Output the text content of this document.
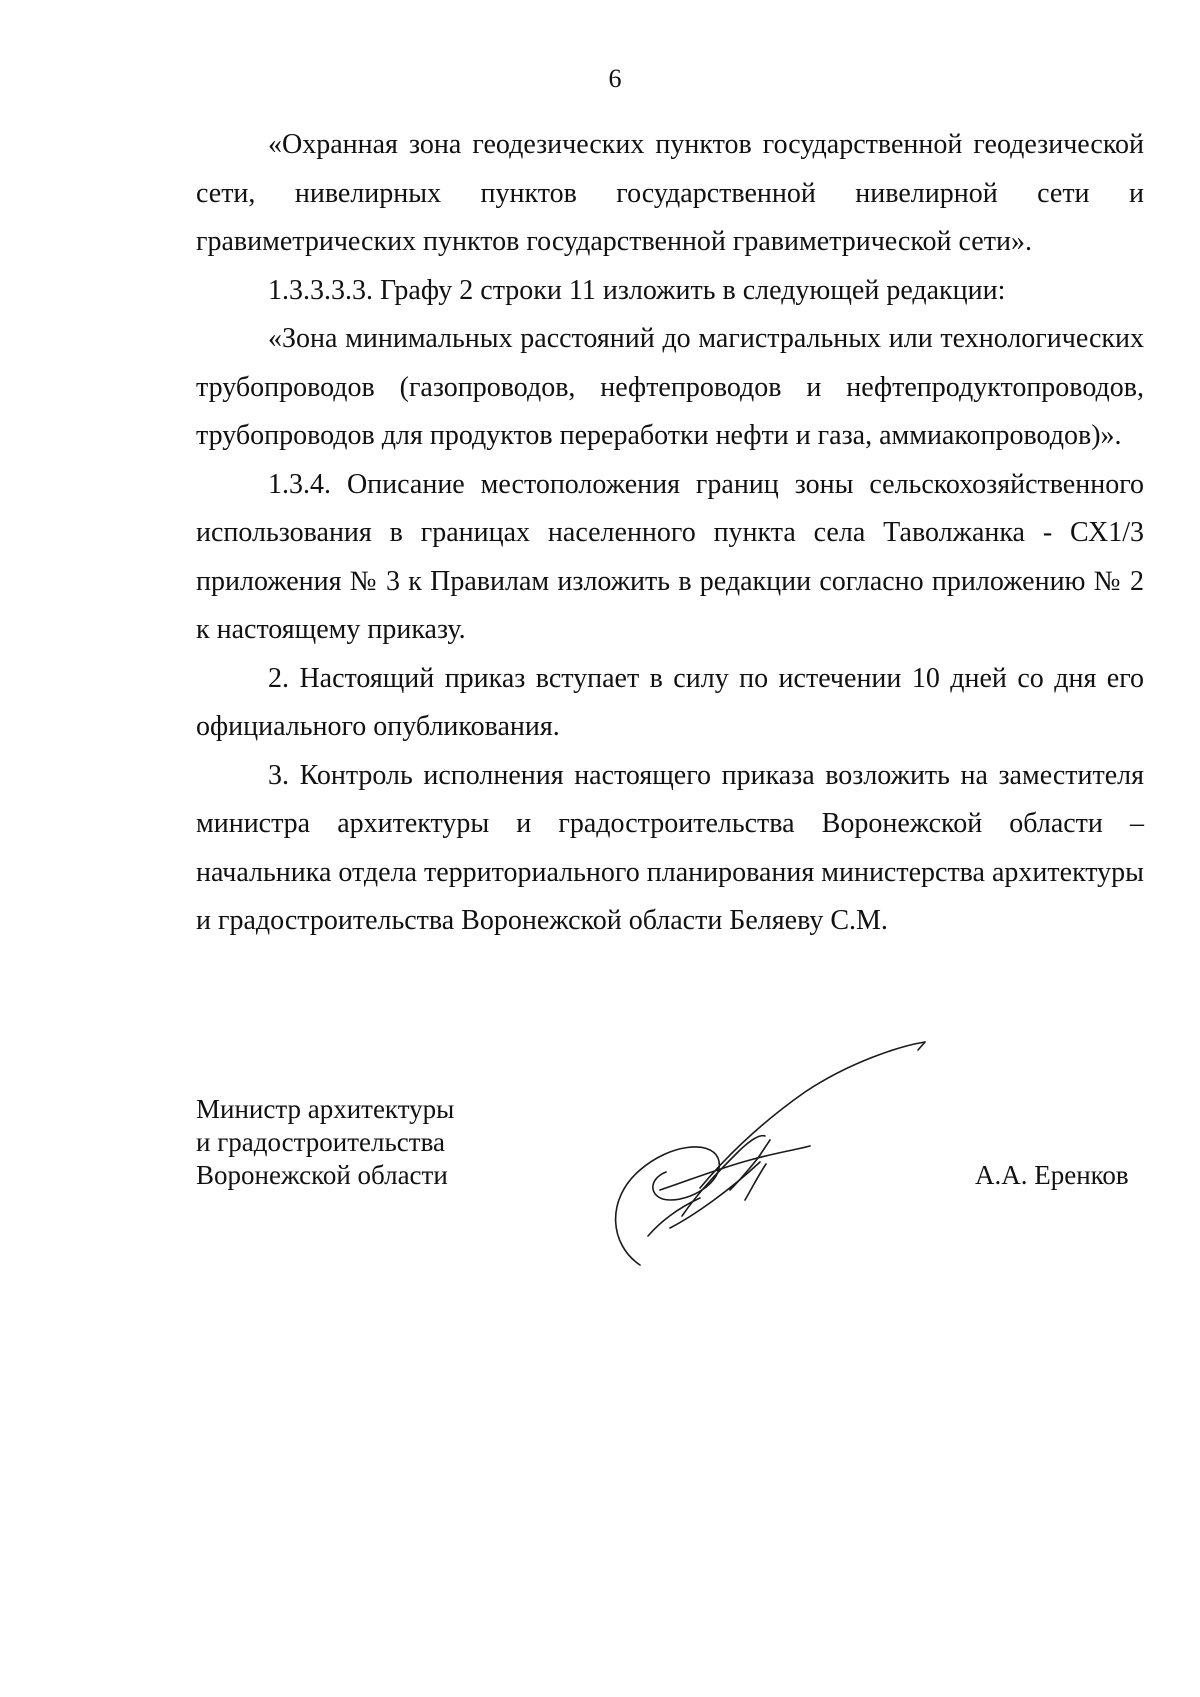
6

«Охранная зона геодезических пунктов государственной геодезической сети, нивелирных пунктов государственной нивелирной сети и гравиметрических пунктов государственной гравиметрической сети».

1.3.3.3.3. Графу 2 строки 11 изложить в следующей редакции:

«Зона минимальных расстояний до магистральных или технологических трубопроводов (газопроводов, нефтепроводов и нефтепродуктопроводов, трубопроводов для продуктов переработки нефти и газа, аммиакопроводов)».

1.3.4. Описание местоположения границ зоны сельскохозяйственного использования в границах населенного пункта села Таволжанка - СХ1/3 приложения № 3 к Правилам изложить в редакции согласно приложению № 2 к настоящему приказу.

2. Настоящий приказ вступает в силу по истечении 10 дней со дня его официального опубликования.

3. Контроль исполнения настоящего приказа возложить на заместителя министра архитектуры и градостроительства Воронежской области – начальника отдела территориального планирования министерства архитектуры и градостроительства Воронежской области Беляеву С.М.

Министр архитектуры
и градостроительства
Воронежской области	А.А. Еренков
